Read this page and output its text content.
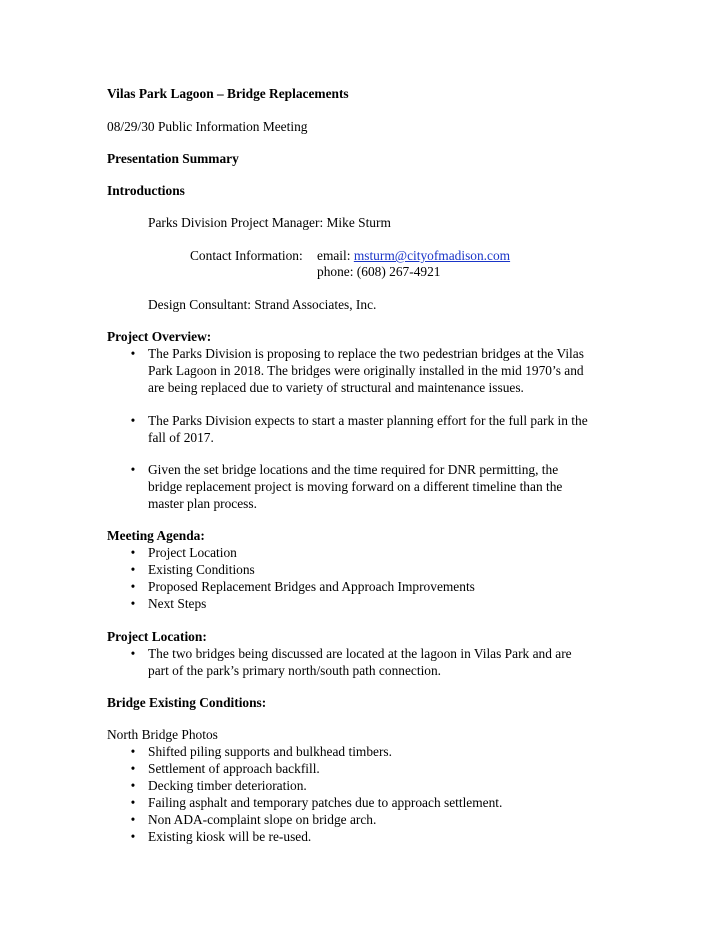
Vilas Park Lagoon – Bridge Replacements
08/29/30 Public Information Meeting
Presentation Summary
Introductions
Parks Division Project Manager: Mike Sturm
Contact Information: email: msturm@cityofmadison.com
phone: (608) 267-4921
Design Consultant: Strand Associates, Inc.
Project Overview:
• The Parks Division is proposing to replace the two pedestrian bridges at the Vilas
Park Lagoon in 2018. The bridges were originally installed in the mid 1970’s and
are being replaced due to variety of structural and maintenance issues.
• The Parks Division expects to start a master planning effort for the full park in the
fall of 2017.
• Given the set bridge locations and the time required for DNR permitting, the
bridge replacement project is moving forward on a different timeline than the
master plan process.
Meeting Agenda:
• Project Location
• Existing Conditions
• Proposed Replacement Bridges and Approach Improvements
• Next Steps
Project Location:
• The two bridges being discussed are located at the lagoon in Vilas Park and are
part of the park’s primary north/south path connection.
Bridge Existing Conditions:
North Bridge Photos
• Shifted piling supports and bulkhead timbers.
• Settlement of approach backfill.
• Decking timber deterioration.
• Failing asphalt and temporary patches due to approach settlement.
• Non ADA-complaint slope on bridge arch.
• Existing kiosk will be re-used.
